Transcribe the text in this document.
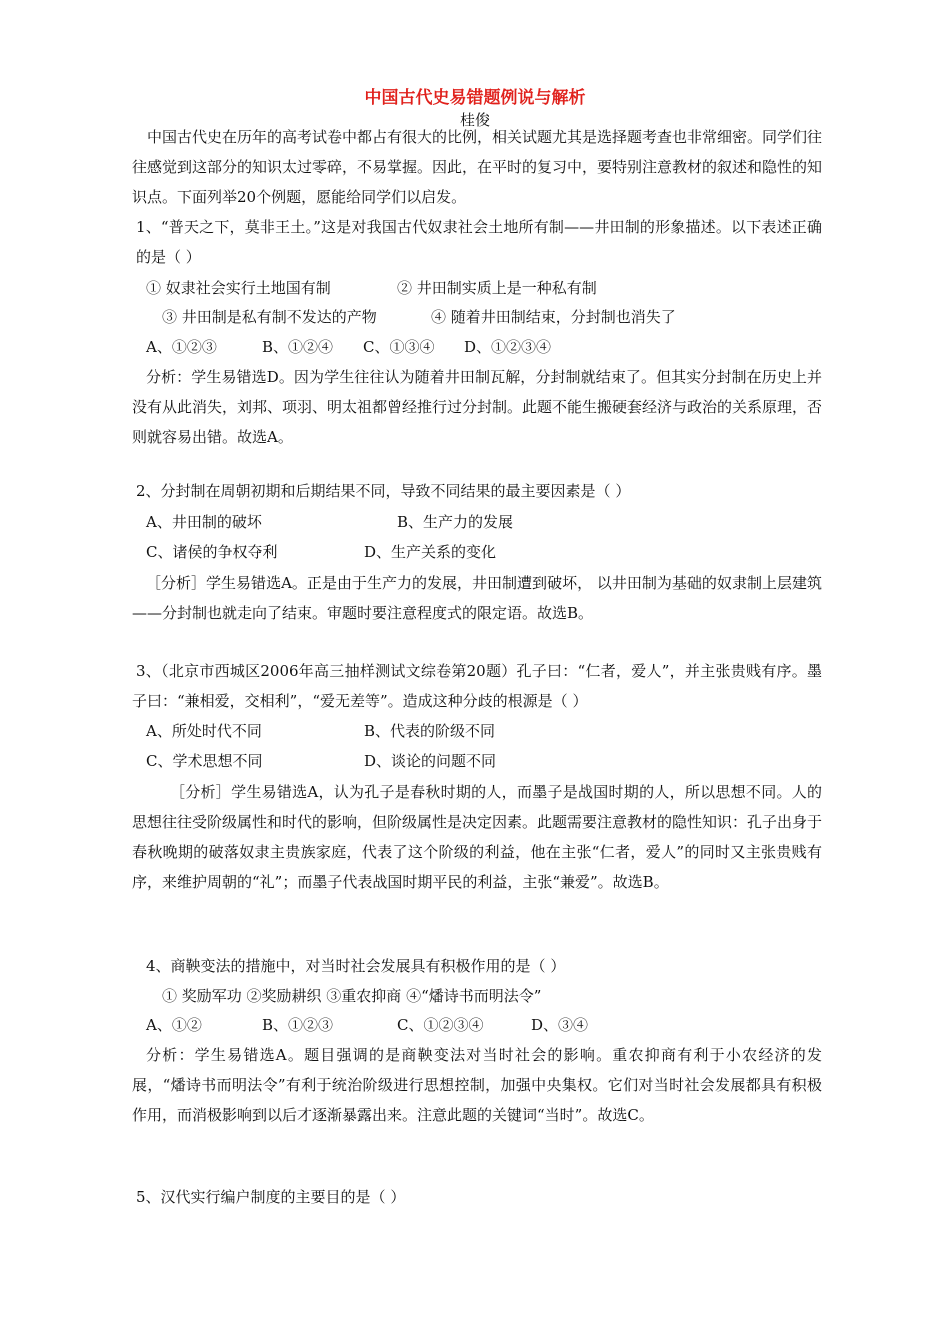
中国古代史易错题例说与解析
桂俊
中国古代史在历年的高考试卷中都占有很大的比例，相关试题尤其是选择题考查也非常细密。同学们往往感觉到这部分的知识太过零碎，不易掌握。因此，在平时的复习中，要特别注意教材的叙述和隐性的知识点。下面列举20个例题，愿能给同学们以启发。
1、“普天之下，莫非王土。”这是对我国古代奴隶社会土地所有制——井田制的形象描述。以下表述正确的是（ ）
① 奴隶社会实行土地国有制	② 井田制实质上是一种私有制
③ 井田制是私有制不发达的产物	④ 随着井田制结束，分封制也消失了
A、①②③	B、①②④ C、①③④ D、①②③④
分析：学生易错选D。因为学生往往认为随着井田制瓦解，分封制就结束了。但其实分封制在历史上并没有从此消失，刘邦、项羽、明太祖都曾经推行过分封制。此题不能生搬硬套经济与政治的关系原理，否则就容易出错。故选A。
2、分封制在周朝初期和后期结果不同，导致不同结果的最主要因素是（ ）
A、井田制的破坏	B、生产力的发展
C、诸侯的争权夺利	D、生产关系的变化
［分析］学生易错选A。正是由于生产力的发展，井田制遭到破坏， 以井田制为基础的奴隶制上层建筑——分封制也就走向了结束。审题时要注意程度式的限定语。故选B。
3、（北京市西城区2006年高三抽样测试文综卷第20题）孔子曰：“仁者，爱人”，并主张贵贱有序。墨子曰：“兼相爱，交相利”，“爱无差等”。造成这种分歧的根源是（ ）
A、所处时代不同	B、代表的阶级不同
C、学术思想不同	D、谈论的问题不同
［分析］学生易错选A，认为孔子是春秋时期的人，而墨子是战国时期的人，所以思想不同。人的思想往往受阶级属性和时代的影响，但阶级属性是决定因素。此题需要注意教材的隐性知识：孔子出身于 春秋晚期的破落奴隶主贵族家庭，代表了这个阶级的利益，他在主张“仁者，爱人”的同时又主张贵贱有序，来维护周朝的“礼”；而墨子代表战国时期平民的利益，主张“兼爱”。故选B。
4、商鞅变法的措施中，对当时社会发展具有积极作用的是（ ）
① 奖励军功 ②奖励耕织 ③重农抑商 ④“燔诗书而明法令”
A、①②	B、①②③	C、①②③④	D、③④
分析：学生易错选A。题目强调的是商鞅变法对当时社会的影响。重农抑商有利于小农经济的发展，“燔诗书而明法令”有利于统治阶级进行思想控制，加强中央集权。它们对当时社会发展都具有积极作用，而消极影响到以后才逐渐暴露出来。注意此题的关键词“当时”。故选C。
5、汉代实行编户制度的主要目的是（ ）
